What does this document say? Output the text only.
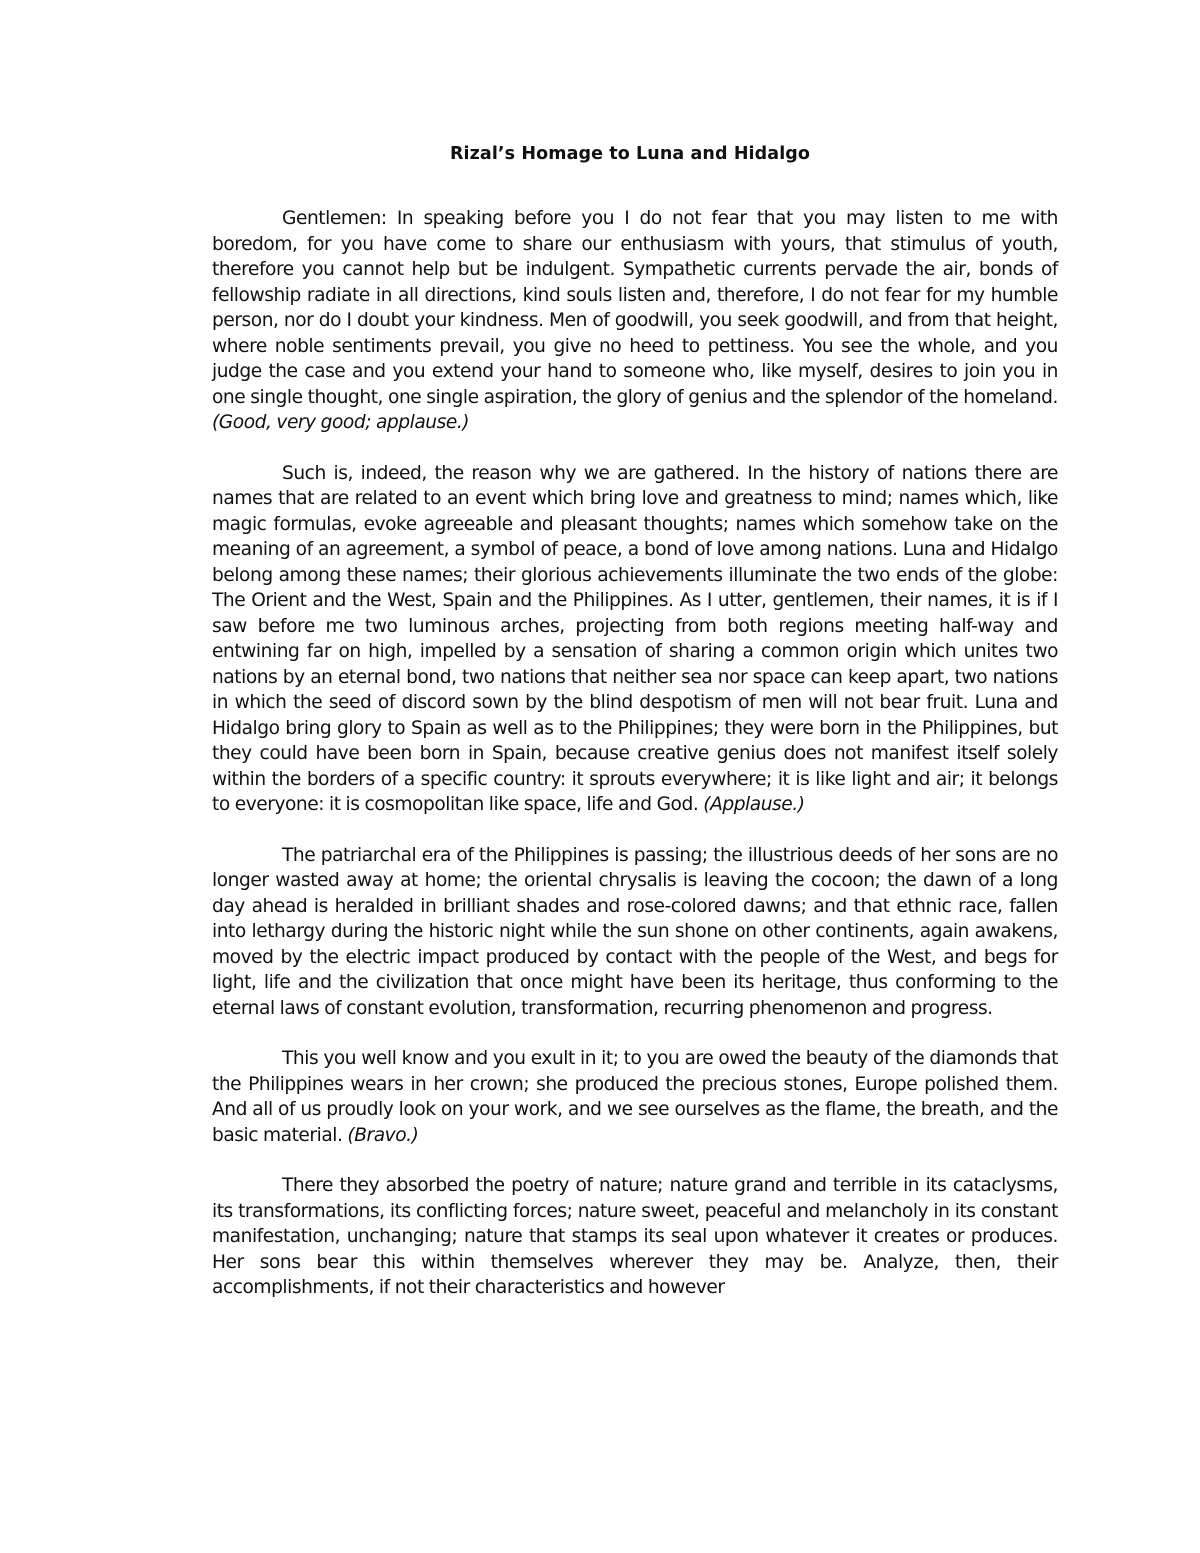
Rizal’s Homage to Luna and Hidalgo

Gentlemen: In speaking before you I do not fear that you may listen to me with boredom, for you have come to share our enthusiasm with yours, that stimulus of youth, therefore you cannot help but be indulgent. Sympathetic currents pervade the air, bonds of fellowship radiate in all directions, kind souls listen and, therefore, I do not fear for my humble person, nor do I doubt your kindness. Men of goodwill, you seek goodwill, and from that height, where noble sentiments prevail, you give no heed to pettiness. You see the whole, and you judge the case and you extend your hand to someone who, like myself, desires to join you in one single thought, one single aspiration, the glory of genius and the splendor of the homeland. (Good, very good; applause.)

Such is, indeed, the reason why we are gathered. In the history of nations there are names that are related to an event which bring love and greatness to mind; names which, like magic formulas, evoke agreeable and pleasant thoughts; names which somehow take on the meaning of an agreement, a symbol of peace, a bond of love among nations. Luna and Hidalgo belong among these names; their glorious achievements illuminate the two ends of the globe: The Orient and the West, Spain and the Philippines. As I utter, gentlemen, their names, it is if I saw before me two luminous arches, projecting from both regions meeting half-way and entwining far on high, impelled by a sensation of sharing a common origin which unites two nations by an eternal bond, two nations that neither sea nor space can keep apart, two nations in which the seed of discord sown by the blind despotism of men will not bear fruit. Luna and Hidalgo bring glory to Spain as well as to the Philippines; they were born in the Philippines, but they could have been born in Spain, because creative genius does not manifest itself solely within the borders of a specific country: it sprouts everywhere; it is like light and air; it belongs to everyone: it is cosmopolitan like space, life and God. (Applause.)

The patriarchal era of the Philippines is passing; the illustrious deeds of her sons are no longer wasted away at home; the oriental chrysalis is leaving the cocoon; the dawn of a long day ahead is heralded in brilliant shades and rose-colored dawns; and that ethnic race, fallen into lethargy during the historic night while the sun shone on other continents, again awakens, moved by the electric impact produced by contact with the people of the West, and begs for light, life and the civilization that once might have been its heritage, thus conforming to the eternal laws of constant evolution, transformation, recurring phenomenon and progress.

This you well know and you exult in it; to you are owed the beauty of the diamonds that the Philippines wears in her crown; she produced the precious stones, Europe polished them. And all of us proudly look on your work, and we see ourselves as the flame, the breath, and the basic material. (Bravo.)

There they absorbed the poetry of nature; nature grand and terrible in its cataclysms, its transformations, its conflicting forces; nature sweet, peaceful and melancholy in its constant manifestation, unchanging; nature that stamps its seal upon whatever it creates or produces. Her sons bear this within themselves wherever they may be. Analyze, then, their accomplishments, if not their characteristics and however
